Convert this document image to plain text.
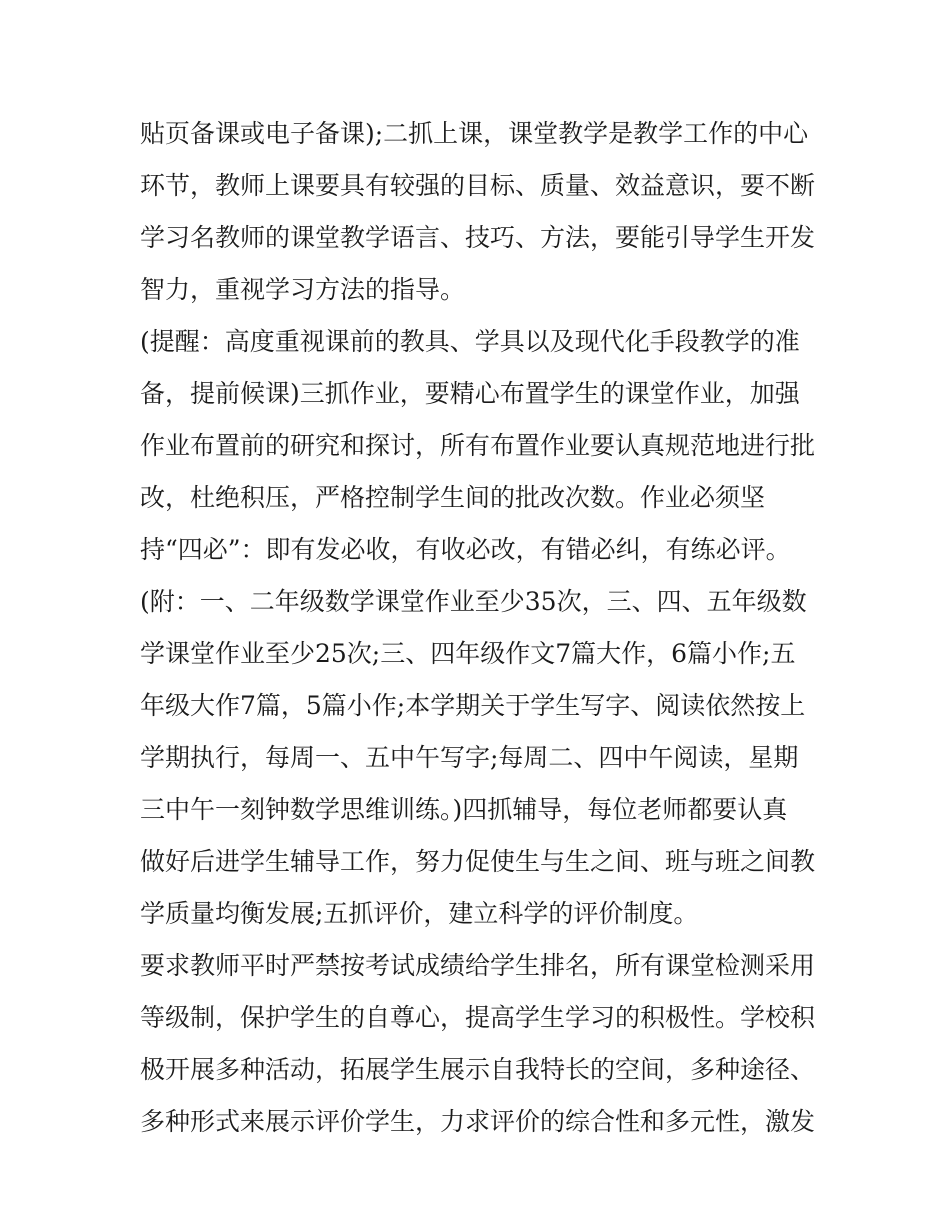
贴页备课或电子备课);二抓上课，课堂教学是教学工作的中心
环节，教师上课要具有较强的目标、质量、效益意识，要不断
学习名教师的课堂教学语言、技巧、方法，要能引导学生开发
智力，重视学习方法的指导。
(提醒：高度重视课前的教具、学具以及现代化手段教学的准
备，提前候课)三抓作业，要精心布置学生的课堂作业，加强
作业布置前的研究和探讨，所有布置作业要认真规范地进行批
改，杜绝积压，严格控制学生间的批改次数。作业必须坚
持“四必”：即有发必收，有收必改，有错必纠，有练必评。
(附：一、二年级数学课堂作业至少35次，三、四、五年级数
学课堂作业至少25次;三、四年级作文7篇大作，6篇小作;五
年级大作7篇，5篇小作;本学期关于学生写字、阅读依然按上
学期执行，每周一、五中午写字;每周二、四中午阅读，星期
三中午一刻钟数学思维训练。)四抓辅导，每位老师都要认真
做好后进学生辅导工作，努力促使生与生之间、班与班之间教
学质量均衡发展;五抓评价，建立科学的评价制度。
要求教师平时严禁按考试成绩给学生排名，所有课堂检测采用
等级制，保护学生的自尊心，提高学生学习的积极性。学校积
极开展多种活动，拓展学生展示自我特长的空间，多种途径、
多种形式来展示评价学生，力求评价的综合性和多元性，激发
